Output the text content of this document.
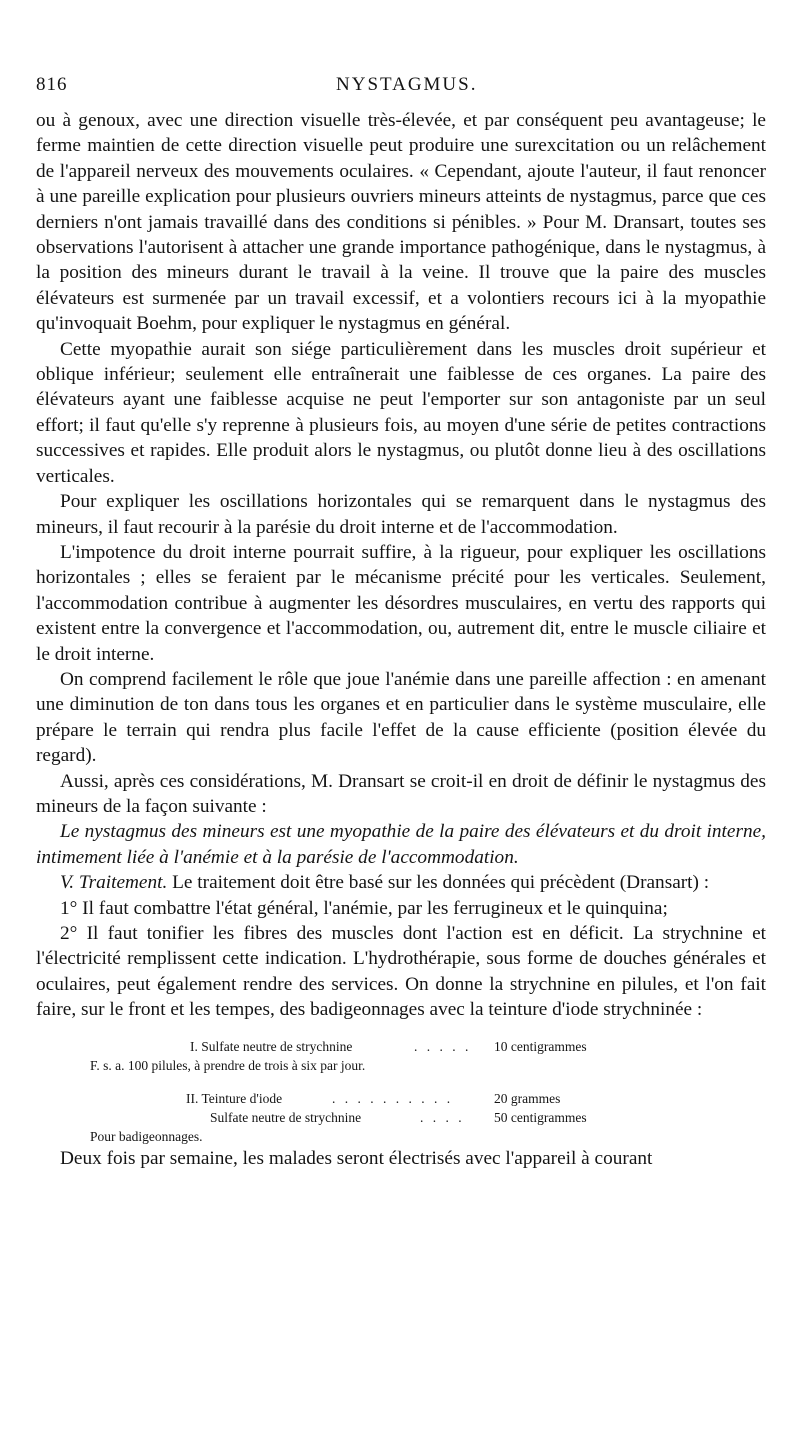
816	NYSTAGMUS.

ou à genoux, avec une direction visuelle très-élevée, et par conséquent peu avantageuse; le ferme maintien de cette direction visuelle peut produire une surexcitation ou un relâchement de l'appareil nerveux des mouvements oculaires. « Cependant, ajoute l'auteur, il faut renoncer à une pareille explication pour plusieurs ouvriers mineurs atteints de nystagmus, parce que ces derniers n'ont jamais travaillé dans des conditions si pénibles. » Pour M. Dransart, toutes ses observations l'autorisent à attacher une grande importance pathogénique, dans le nystagmus, à la position des mineurs durant le travail à la veine. Il trouve que la paire des muscles élévateurs est surmenée par un travail excessif, et a volontiers recours ici à la myopathie qu'invoquait Boehm, pour expliquer le nystagmus en général.

Cette myopathie aurait son siége particulièrement dans les muscles droit supérieur et oblique inférieur; seulement elle entraînerait une faiblesse de ces organes. La paire des élévateurs ayant une faiblesse acquise ne peut l'emporter sur son antagoniste par un seul effort; il faut qu'elle s'y reprenne à plusieurs fois, au moyen d'une série de petites contractions successives et rapides. Elle produit alors le nystagmus, ou plutôt donne lieu à des oscillations verticales.

Pour expliquer les oscillations horizontales qui se remarquent dans le nystagmus des mineurs, il faut recourir à la parésie du droit interne et de l'accommodation.

L'impotence du droit interne pourrait suffire, à la rigueur, pour expliquer les oscillations horizontales ; elles se feraient par le mécanisme précité pour les verticales. Seulement, l'accommodation contribue à augmenter les désordres musculaires, en vertu des rapports qui existent entre la convergence et l'accommodation, ou, autrement dit, entre le muscle ciliaire et le droit interne.

On comprend facilement le rôle que joue l'anémie dans une pareille affection : en amenant une diminution de ton dans tous les organes et en particulier dans le système musculaire, elle prépare le terrain qui rendra plus facile l'effet de la cause efficiente (position élevée du regard).

Aussi, après ces considérations, M. Dransart se croit-il en droit de définir le nystagmus des mineurs de la façon suivante :

Le nystagmus des mineurs est une myopathie de la paire des élévateurs et du droit interne, intimement liée à l'anémie et à la parésie de l'accommodation.

V. Traitement. Le traitement doit être basé sur les données qui précèdent (Dransart) :

1° Il faut combattre l'état général, l'anémie, par les ferrugineux et le quinquina;

2° Il faut tonifier les fibres des muscles dont l'action est en déficit. La strychnine et l'électricité remplissent cette indication. L'hydrothérapie, sous forme de douches générales et oculaires, peut également rendre des services. On donne la strychnine en pilules, et l'on fait faire, sur le front et les tempes, des badigeonnages avec la teinture d'iode strychninée :

I. Sulfate neutre de strychnine	. . . . . 10 centigrammes
F. s. a. 100 pilules, à prendre de trois à six par jour.
II. Teinture d'iode	. . . . . . . . . .	20 grammes
Sulfate neutre de strychnine	. . . . 50 centigrammes
Pour badigeonnages.

Deux fois par semaine, les malades seront électrisés avec l'appareil à courant
